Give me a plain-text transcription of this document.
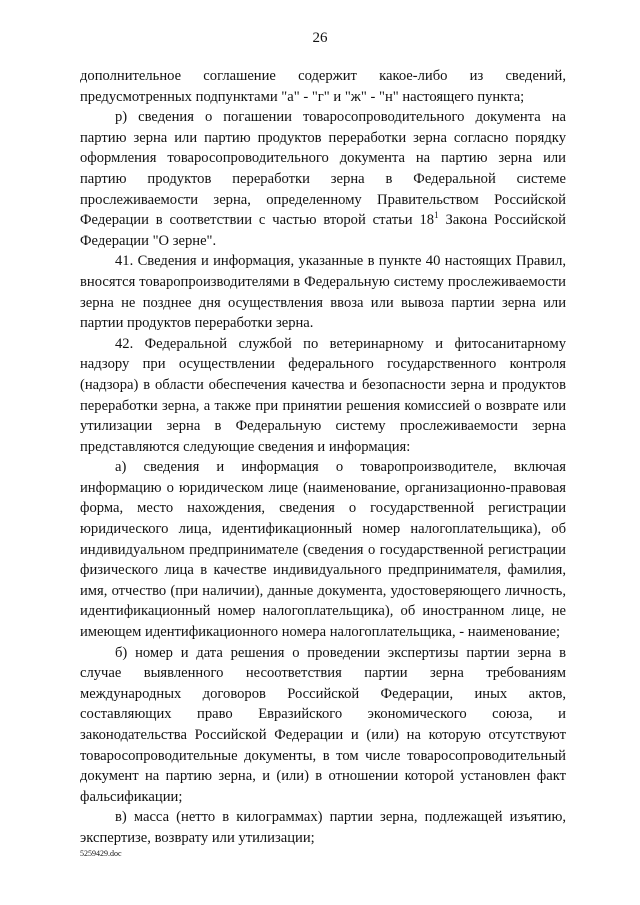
26

дополнительное соглашение содержит какое-либо из сведений, предусмотренных подпунктами "а" - "г" и "ж" - "н" настоящего пункта;

р) сведения о погашении товаросопроводительного документа на партию зерна или партию продуктов переработки зерна согласно порядку оформления товаросопроводительного документа на партию зерна или партию продуктов переработки зерна в Федеральной системе прослеживаемости зерна, определенному Правительством Российской Федерации в соответствии с частью второй статьи $18^1$ Закона Российской Федерации "О зерне".

41. Сведения и информация, указанные в пункте 40 настоящих Правил, вносятся товаропроизводителями в Федеральную систему прослеживаемости зерна не позднее дня осуществления ввоза или вывоза партии зерна или партии продуктов переработки зерна.

42. Федеральной службой по ветеринарному и фитосанитарному надзору при осуществлении федерального государственного контроля (надзора) в области обеспечения качества и безопасности зерна и продуктов переработки зерна, а также при принятии решения комиссией о возврате или утилизации зерна в Федеральную систему прослеживаемости зерна представляются следующие сведения и информация:

а) сведения и информация о товаропроизводителе, включая информацию о юридическом лице (наименование, организационно-правовая форма, место нахождения, сведения о государственной регистрации юридического лица, идентификационный номер налогоплательщика), об индивидуальном предпринимателе (сведения о государственной регистрации физического лица в качестве индивидуального предпринимателя, фамилия, имя, отчество (при наличии), данные документа, удостоверяющего личность, идентификационный номер налогоплательщика), об иностранном лице, не имеющем идентификационного номера налогоплательщика, - наименование;

б) номер и дата решения о проведении экспертизы партии зерна в случае выявленного несоответствия партии зерна требованиям международных договоров Российской Федерации, иных актов, составляющих право Евразийского экономического союза, и законодательства Российской Федерации и (или) на которую отсутствуют товаросопроводительные документы, в том числе товаросопроводительный документ на партию зерна, и (или) в отношении которой установлен факт фальсификации;

в) масса (нетто в килограммах) партии зерна, подлежащей изъятию, экспертизе, возврату или утилизации;

5259429.doc
